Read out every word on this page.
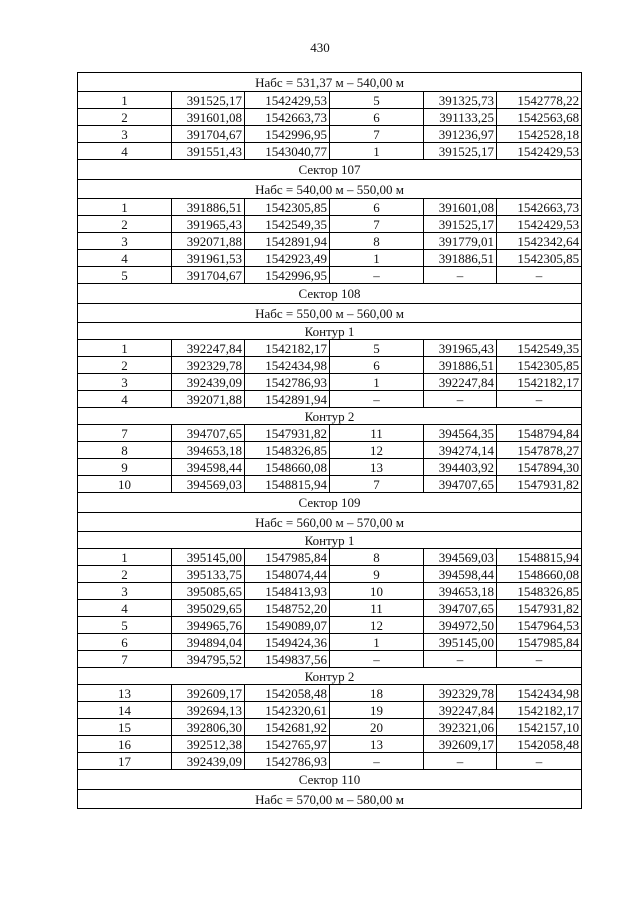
430
Набс = 531,37 м – 540,00 м					
1	391525,17	1542429,53	5	391325,73	1542778,22
2	391601,08	1542663,73	6	391133,25	1542563,68
3	391704,67	1542996,95	7	391236,97	1542528,18
4	391551,43	1543040,77	1	391525,17	1542429,53
Сектор 107					
Набс = 540,00 м – 550,00 м					
1	391886,51	1542305,85	6	391601,08	1542663,73
2	391965,43	1542549,35	7	391525,17	1542429,53
3	392071,88	1542891,94	8	391779,01	1542342,64
4	391961,53	1542923,49	1	391886,51	1542305,85
5	391704,67	1542996,95	–	–	–
Сектор 108					
Набс = 550,00 м – 560,00 м					
Контур 1					
1	392247,84	1542182,17	5	391965,43	1542549,35
2	392329,78	1542434,98	6	391886,51	1542305,85
3	392439,09	1542786,93	1	392247,84	1542182,17
4	392071,88	1542891,94	–	–	–
Контур 2					
7	394707,65	1547931,82	11	394564,35	1548794,84
8	394653,18	1548326,85	12	394274,14	1547878,27
9	394598,44	1548660,08	13	394403,92	1547894,30
10	394569,03	1548815,94	7	394707,65	1547931,82
Сектор 109					
Набс = 560,00 м – 570,00 м					
Контур 1					
1	395145,00	1547985,84	8	394569,03	1548815,94
2	395133,75	1548074,44	9	394598,44	1548660,08
3	395085,65	1548413,93	10	394653,18	1548326,85
4	395029,65	1548752,20	11	394707,65	1547931,82
5	394965,76	1549089,07	12	394972,50	1547964,53
6	394894,04	1549424,36	1	395145,00	1547985,84
7	394795,52	1549837,56	–	–	–
Контур 2					
13	392609,17	1542058,48	18	392329,78	1542434,98
14	392694,13	1542320,61	19	392247,84	1542182,17
15	392806,30	1542681,92	20	392321,06	1542157,10
16	392512,38	1542765,97	13	392609,17	1542058,48
17	392439,09	1542786,93	–	–	–
Сектор 110					
Набс = 570,00 м – 580,00 м					
